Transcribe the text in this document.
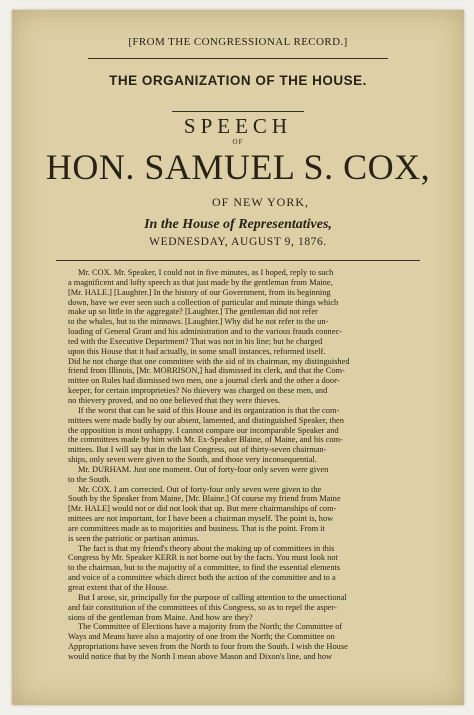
[FROM THE CONGRESSIONAL RECORD.]
THE ORGANIZATION OF THE HOUSE.
SPEECH
OF
HON. SAMUEL S. COX,
OF NEW YORK,
In the House of Representatives,
WEDNESDAY, AUGUST 9, 1876.
Mr. COX. Mr. Speaker, I could not in five minutes, as I hoped, reply to such
a magnificent and lofty speech as that just made by the gentleman from Maine,
[Mr. HALE.] [Laughter.] In the history of our Government, from its beginning
down, have we ever seen such a collection of particular and minute things which
make up so little in the aggregate? [Laughter.] The gentleman did not refer
to the whales, but to the minnows. [Laughter.] Why did he not refer to the un-
loading of General Grant and his administration and to the various frauds connec-
ted with the Executive Department? That was not in his line; but he charged
upon this House that it had actually, in some small instances, reformed itself.
Did he not charge that one committee with the aid of its chairman, my distinguished
friend from Illinois, [Mr. MORRISON,] had dismissed its clerk, and that the Com-
mittee on Rules had dismissed two men, one a journal clerk and the other a door-
keeper, for certain improprieties? No thievery was charged on these men, and
no thievery proved, and no one believed that they were thieves.
If the worst that can be said of this House and its organization is that the com-
mittees were made badly by our absent, lamented, and distinguished Speaker, then
the opposition is most unhappy. I cannot compare our incomparable Speaker and
the committees made by him with Mr. Ex-Speaker Blaine, of Maine, and his com-
mittees. But I will say that in the last Congress, out of thirty-seven chairman-
ships, only seven were given to the South, and those very inconsequential.
Mr. DURHAM. Just one moment. Out of forty-four only seven were given
to the South.
Mr. COX. I am corrected. Out of forty-four only seven were given to the
South by the Speaker from Maine, [Mr. Blaine.] Of course my friend from Maine
[Mr. HALE] would not or did not look that up. But mere chairmanships of com-
mittees are not important, for I have been a chairman myself. The point is, how
are committees made as to majorities and business. That is the point. From it
is seen the patriotic or partisan animus.
The fact is that my friend's theory about the making up of committees in this
Congress by Mr. Speaker KERR is not borne out by the facts. You must look not
to the chairman, but to the majority of a committee, to find the essential elements
and voice of a committee which direct both the action of the committee and to a
great extent that of the House.
But I arose, sir, principally for the purpose of calling attention to the unsectional
and fair constitution of the committees of this Congress, so as to repel the asper-
sions of the gentleman from Maine. And how are they?
The Committee of Elections have a majority from the North; the Committee of
Ways and Means have also a majority of one from the North; the Committee on
Appropriations have seven from the North to four from the South. I wish the House
would notice that by the North I mean above Mason and Dixon's line, and how
